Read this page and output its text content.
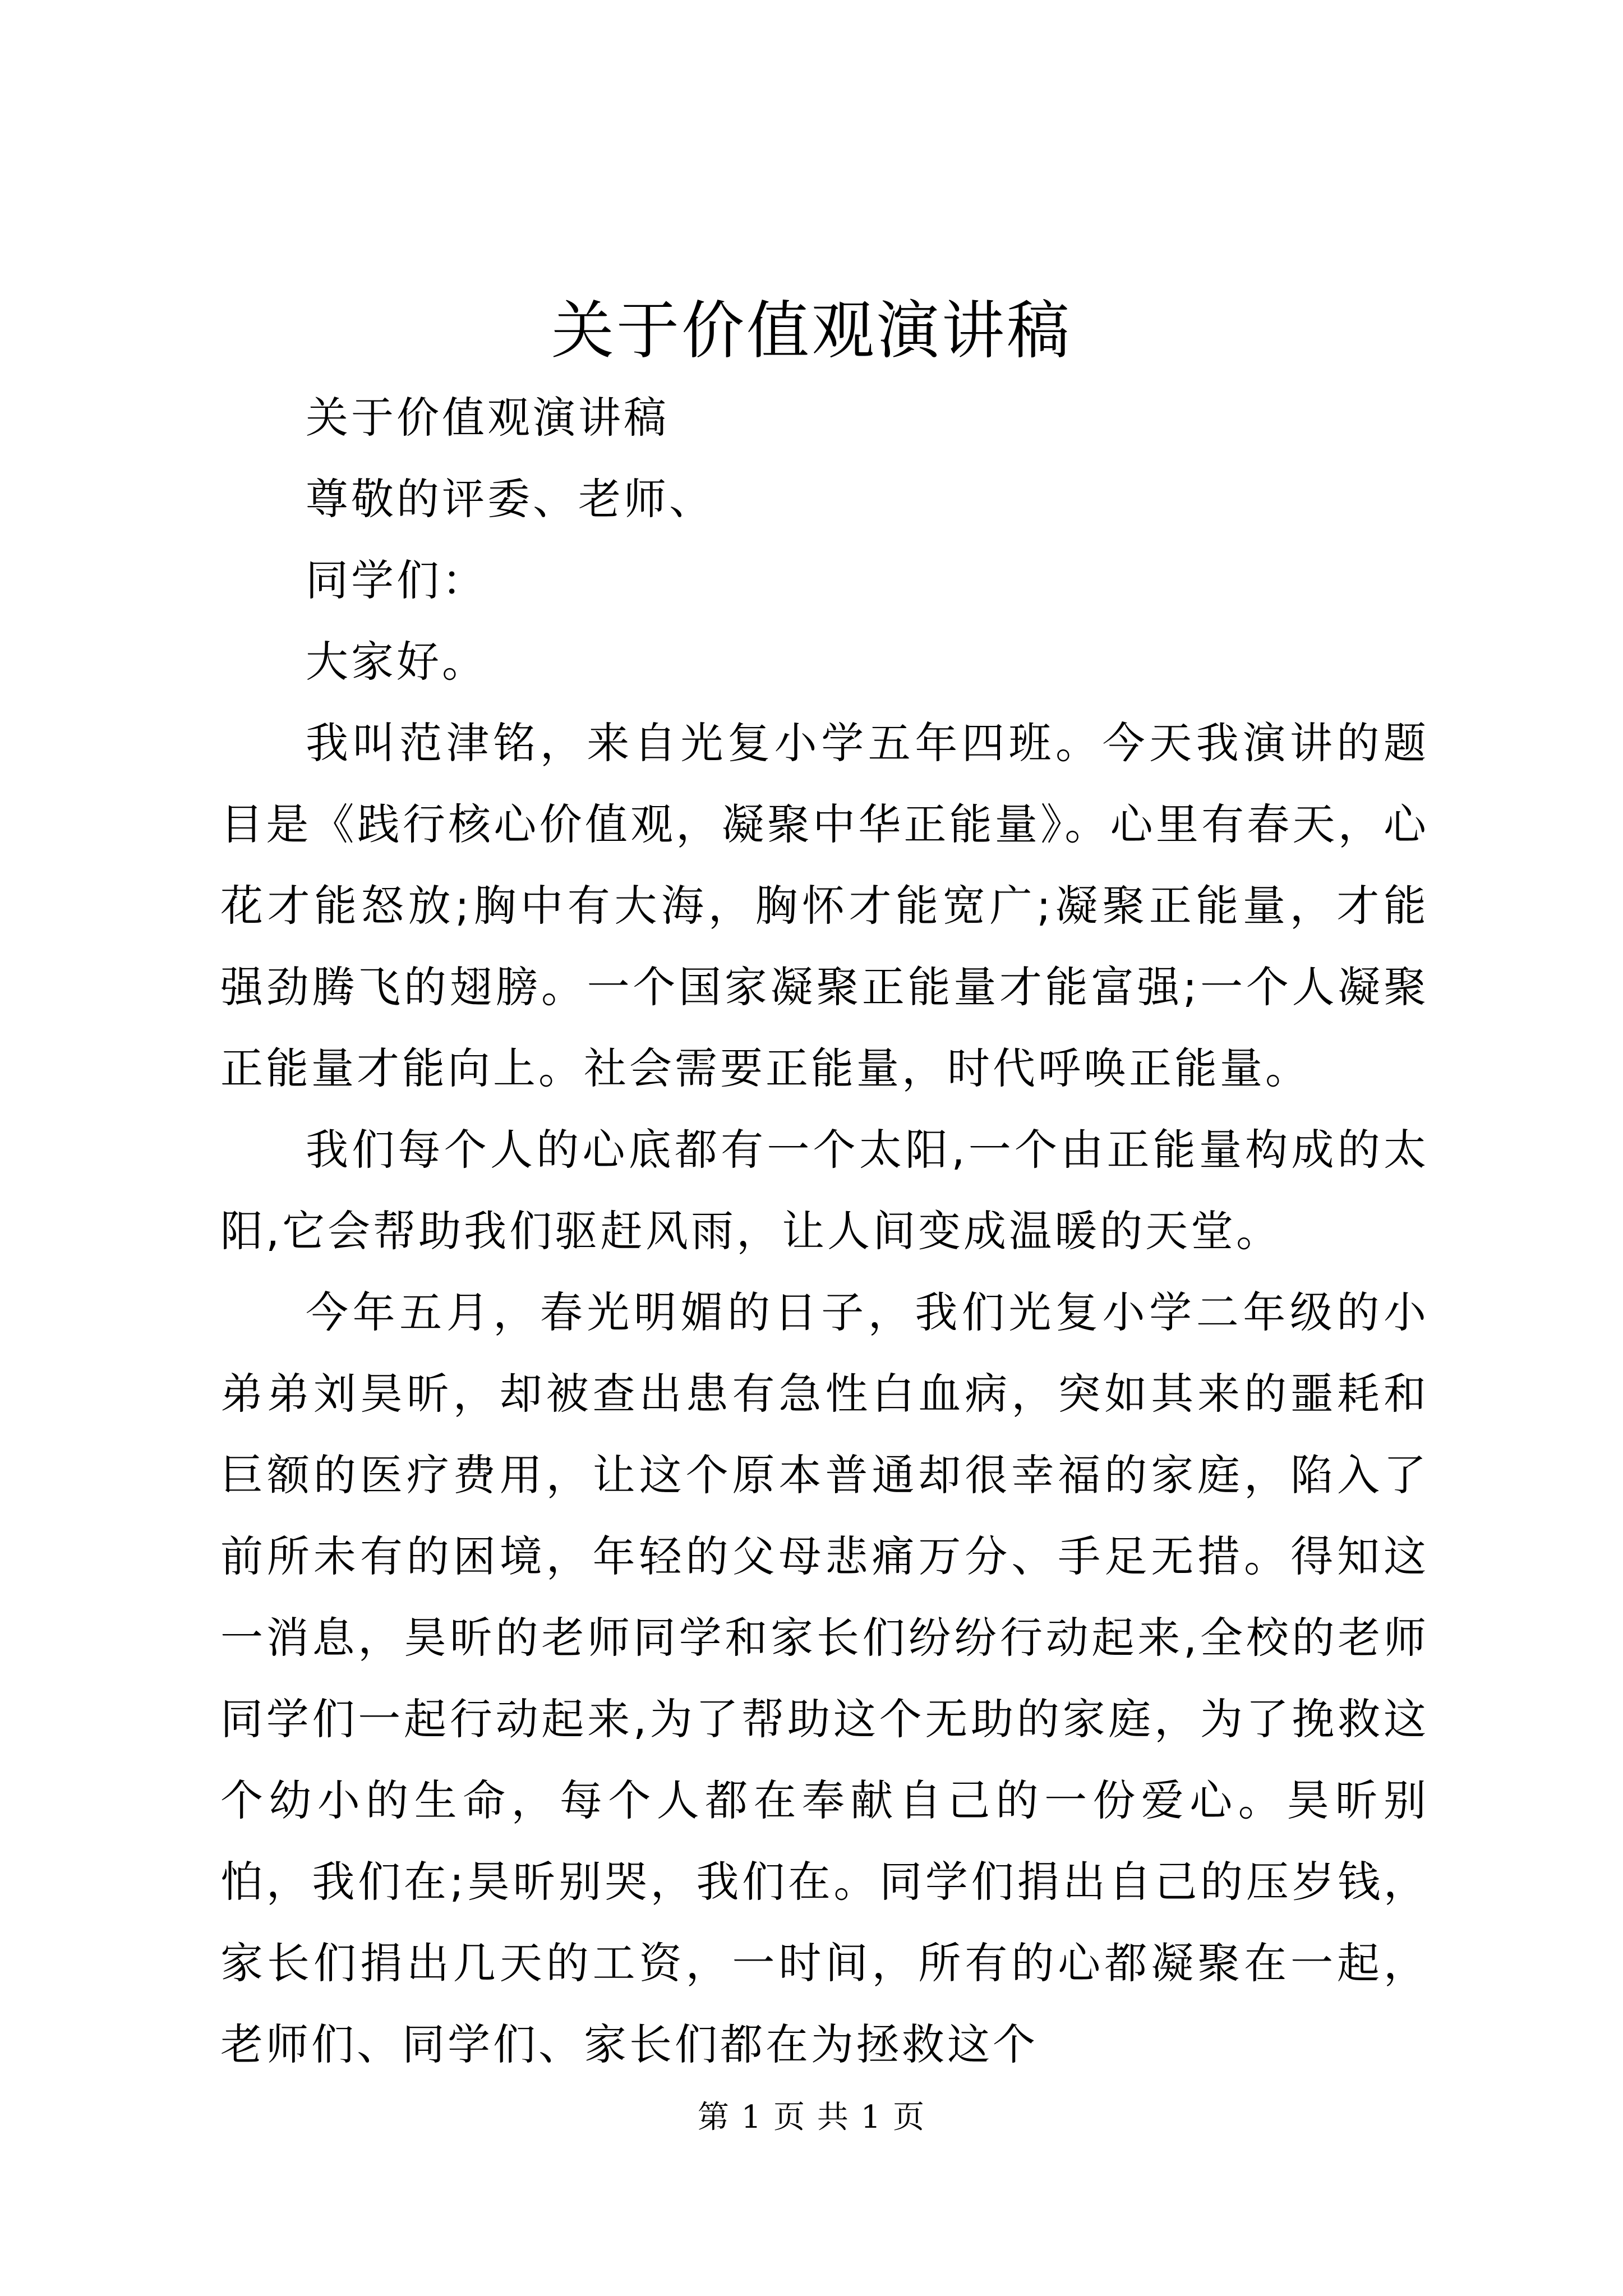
关于价值观演讲稿

关于价值观演讲稿

尊敬的评委、老师、

同学们：

大家好。

我叫范津铭，来自光复小学五年四班。今天我演讲的题目是《践行核心价值观，凝聚中华正能量》。心里有春天，心花才能怒放;胸中有大海，胸怀才能宽广;凝聚正能量，才能强劲腾飞的翅膀。一个国家凝聚正能量才能富强;一个人凝聚正能量才能向上。社会需要正能量，时代呼唤正能量。

我们每个人的心底都有一个太阳,一个由正能量构成的太阳,它会帮助我们驱赶风雨，让人间变成温暖的天堂。

今年五月，春光明媚的日子，我们光复小学二年级的小弟弟刘昊昕，却被查出患有急性白血病，突如其来的噩耗和巨额的医疗费用，让这个原本普通却很幸福的家庭，陷入了前所未有的困境，年轻的父母悲痛万分、手足无措。得知这一消息，昊昕的老师同学和家长们纷纷行动起来,全校的老师同学们一起行动起来,为了帮助这个无助的家庭，为了挽救这个幼小的生命，每个人都在奉献自己的一份爱心。昊昕别怕，我们在;昊昕别哭，我们在。同学们捐出自己的压岁钱，家长们捐出几天的工资，一时间，所有的心都凝聚在一起，老师们、同学们、家长们都在为拯救这个

第 1 页 共 1 页
